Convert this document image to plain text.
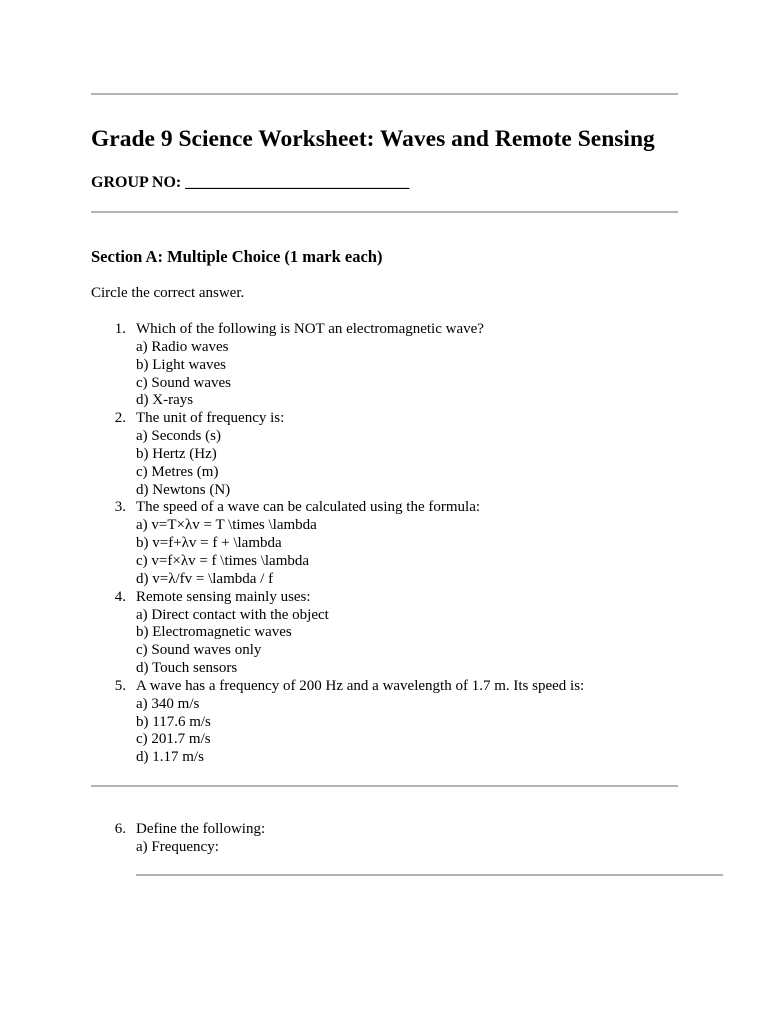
Grade 9 Science Worksheet: Waves and Remote Sensing
GROUP NO: ____________________________
Section A: Multiple Choice (1 mark each)
Circle the correct answer.
1. Which of the following is NOT an electromagnetic wave?
a) Radio waves
b) Light waves
c) Sound waves
d) X-rays
2. The unit of frequency is:
a) Seconds (s)
b) Hertz (Hz)
c) Metres (m)
d) Newtons (N)
3. The speed of a wave can be calculated using the formula:
a) v=T×λv = T \times \lambda
b) v=f+λv = f + \lambda
c) v=f×λv = f \times \lambda
d) v=λ/fv = \lambda / f
4. Remote sensing mainly uses:
a) Direct contact with the object
b) Electromagnetic waves
c) Sound waves only
d) Touch sensors
5. A wave has a frequency of 200 Hz and a wavelength of 1.7 m. Its speed is:
a) 340 m/s
b) 117.6 m/s
c) 201.7 m/s
d) 1.17 m/s
6. Define the following:
a) Frequency:
